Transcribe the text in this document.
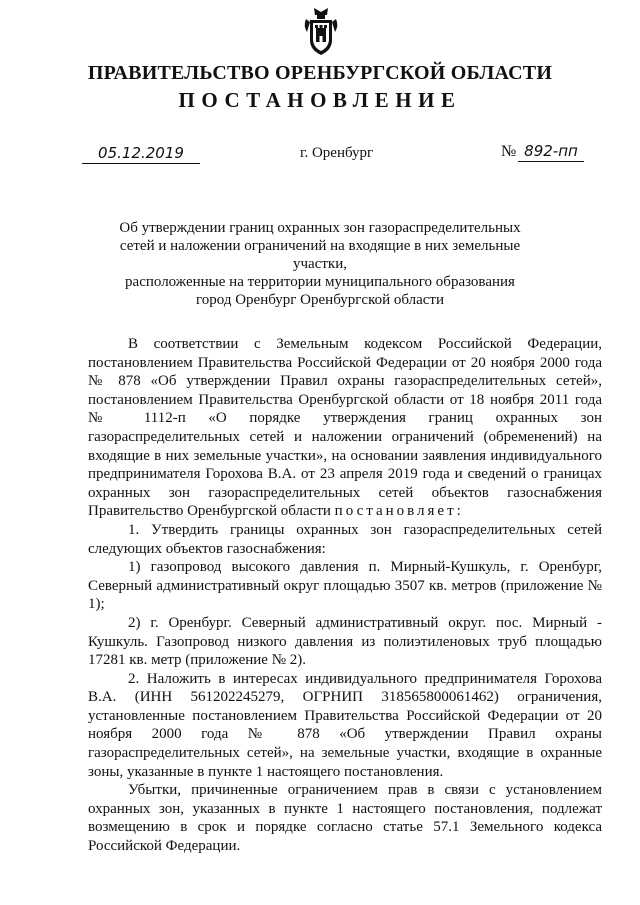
ПРАВИТЕЛЬСТВО ОРЕНБУРГСКОЙ ОБЛАСТИ
ПОСТАНОВЛЕНИЕ
05.12.2019	г. Оренбург	№ 892-пп
Об утверждении границ охранных зон газораспределительных
сетей и наложении ограничений на входящие в них земельные участки,
расположенные на территории муниципального образования
город Оренбург Оренбургской области

В соответствии с Земельным кодексом Российской Федерации, постановлением Правительства Российской Федерации от 20 ноября 2000 года № 878 «Об утверждении Правил охраны газораспределительных сетей», постановлением Правительства Оренбургской области от 18 ноября 2011 года № 1112-п «О порядке утверждения границ охранных зон газораспределительных сетей и наложении ограничений (обременений) на входящие в них земельные участки», на основании заявления индивидуального предпринимателя Горохова В.А. от 23 апреля 2019 года и сведений о границах охранных зон газораспределительных сетей объектов газоснабжения Правительство Оренбургской области постановляет:

1. Утвердить границы охранных зон газораспределительных сетей следующих объектов газоснабжения:

1) газопровод высокого давления п. Мирный-Кушкуль, г. Оренбург, Северный административный округ площадью 3507 кв. метров (приложение № 1);

2) г. Оренбург. Северный административный округ. пос. Мирный - Кушкуль. Газопровод низкого давления из полиэтиленовых труб площадью 17281 кв. метр (приложение № 2).

2. Наложить в интересах индивидуального предпринимателя Горохова В.А. (ИНН 561202245279, ОГРНИП 318565800061462) ограничения, установленные постановлением Правительства Российской Федерации от 20 ноября 2000 года № 878 «Об утверждении Правил охраны газораспределительных сетей», на земельные участки, входящие в охранные зоны, указанные в пункте 1 настоящего постановления.

Убытки, причиненные ограничением прав в связи с установлением охранных зон, указанных в пункте 1 настоящего постановления, подлежат возмещению в срок и порядке согласно статье 57.1 Земельного кодекса Российской Федерации.
